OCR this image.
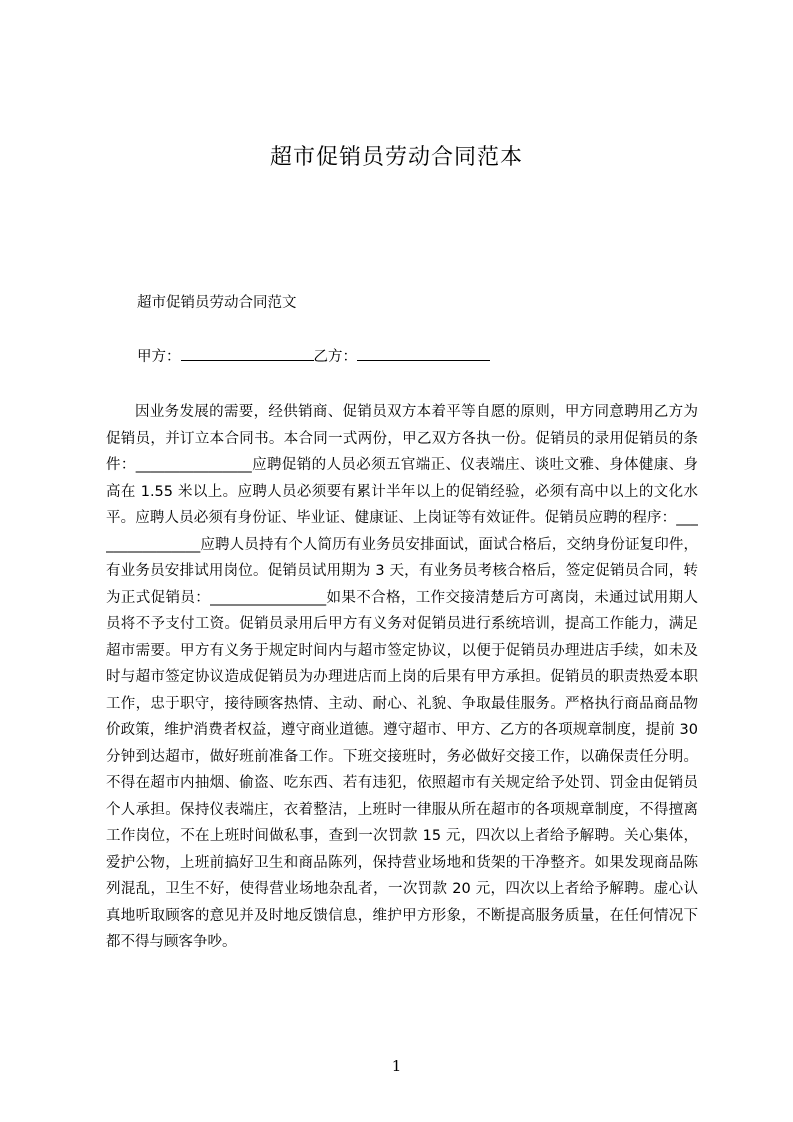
超市促销员劳动合同范本
超市促销员劳动合同范文
甲方：	乙方：
因业务发展的需要，经供销商、促销员双方本着平等自愿的原则，甲方同意聘用乙方为促销员，并订立本合同书。本合同一式两份，甲乙双方各执一份。促销员的录用促销员的条件：________________应聘促销的人员必须五官端正、仪表端庄、谈吐文雅、身体健康、身高在 1.55 米以上。应聘人员必须要有累计半年以上的促销经验，必须有高中以上的文化水平。应聘人员必须有身份证、毕业证、健康证、上岗证等有效证件。促销员应聘的程序：________________应聘人员持有个人简历有业务员安排面试，面试合格后，交纳身份证复印件，有业务员安排试用岗位。促销员试用期为 3 天，有业务员考核合格后，签定促销员合同，转为正式促销员：________________如果不合格，工作交接清楚后方可离岗，未通过试用期人员将不予支付工资。促销员录用后甲方有义务对促销员进行系统培训，提高工作能力，满足超市需要。甲方有义务于规定时间内与超市签定协议，以便于促销员办理进店手续，如未及时与超市签定协议造成促销员为办理进店而上岗的后果有甲方承担。促销员的职责热爱本职工作，忠于职守，接待顾客热情、主动、耐心、礼貌、争取最佳服务。严格执行商品商品物价政策，维护消费者权益，遵守商业道德。遵守超市、甲方、乙方的各项规章制度，提前 30 分钟到达超市，做好班前准备工作。下班交接班时，务必做好交接工作，以确保责任分明。不得在超市内抽烟、偷盗、吃东西、若有违犯，依照超市有关规定给予处罚、罚金由促销员个人承担。保持仪表端庄，衣着整洁，上班时一律服从所在超市的各项规章制度，不得擅离工作岗位，不在上班时间做私事，查到一次罚款 15 元，四次以上者给予解聘。关心集体，爱护公物，上班前搞好卫生和商品陈列，保持营业场地和货架的干净整齐。如果发现商品陈列混乱，卫生不好，使得营业场地杂乱者，一次罚款 20 元，四次以上者给予解聘。虚心认真地听取顾客的意见并及时地反馈信息，维护甲方形象，不断提高服务质量，在任何情况下都不得与顾客争吵。
1
